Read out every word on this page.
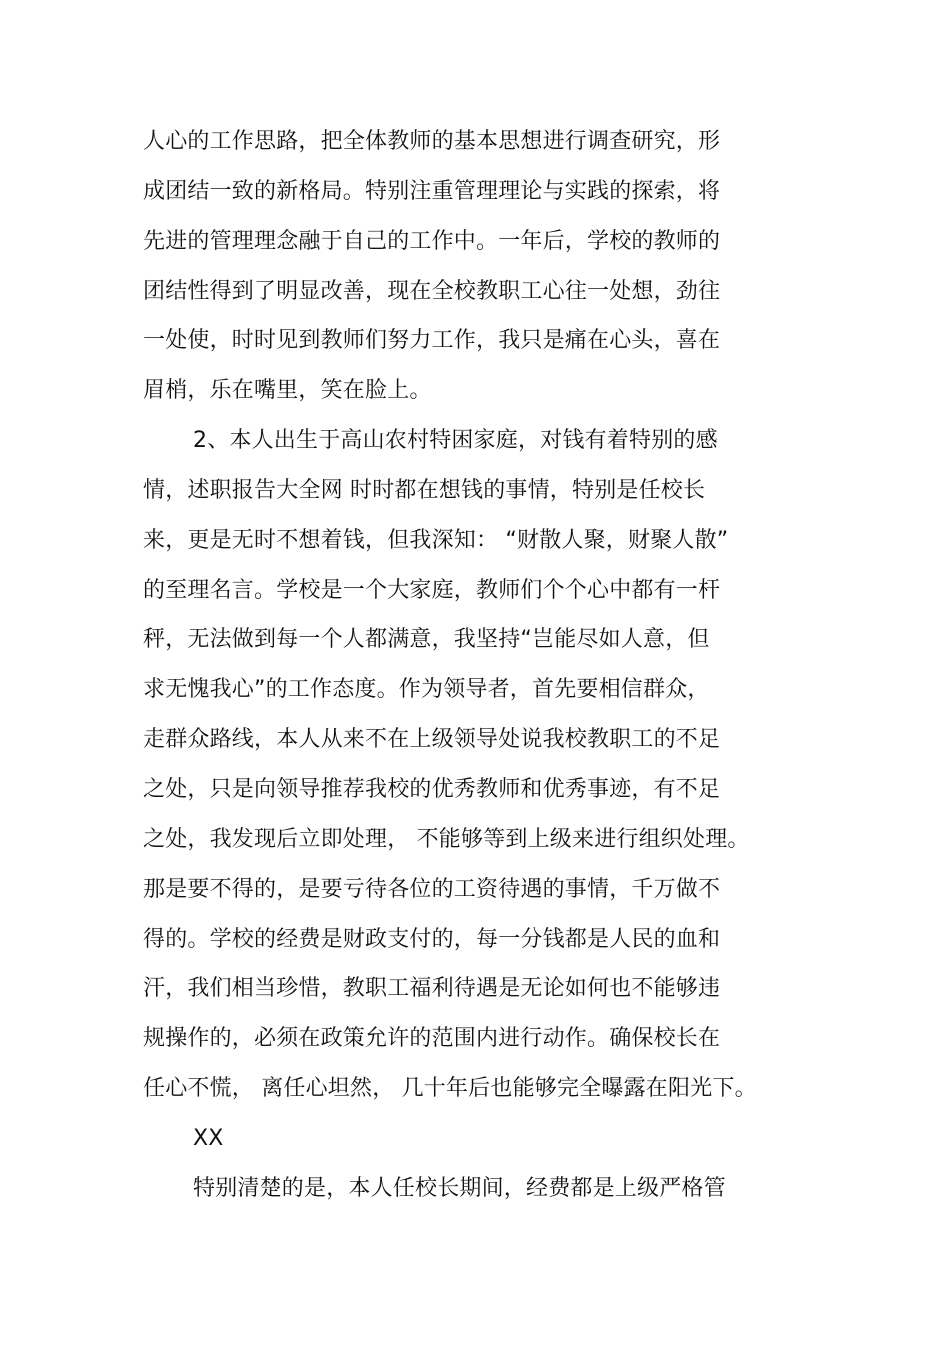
人心的工作思路，把全体教师的基本思想进行调查研究，形
成团结一致的新格局。特别注重管理理论与实践的探索，将
先进的管理理念融于自己的工作中。一年后，学校的教师的
团结性得到了明显改善，现在全校教职工心往一处想，劲往
一处使，时时见到教师们努力工作，我只是痛在心头，喜在
眉梢，乐在嘴里，笑在脸上。
2、本人出生于高山农村特困家庭，对钱有着特别的感
情，述职报告大全网 时时都在想钱的事情，特别是任校长
来，更是无时不想着钱，但我深知： “财散人聚，财聚人散”
的至理名言。学校是一个大家庭，教师们个个心中都有一杆
秤，无法做到每一个人都满意，我坚持“岂能尽如人意，但
求无愧我心”的工作态度。作为领导者，首先要相信群众，
走群众路线，本人从来不在上级领导处说我校教职工的不足
之处，只是向领导推荐我校的优秀教师和优秀事迹，有不足
之处，我发现后立即处理， 不能够等到上级来进行组织处理。
那是要不得的，是要亏待各位的工资待遇的事情，千万做不
得的。学校的经费是财政支付的，每一分钱都是人民的血和
汗，我们相当珍惜，教职工福利待遇是无论如何也不能够违
规操作的，必须在政策允许的范围内进行动作。确保校长在
任心不慌， 离任心坦然， 几十年后也能够完全曝露在阳光下。
XX
特别清楚的是，本人任校长期间，经费都是上级严格管
